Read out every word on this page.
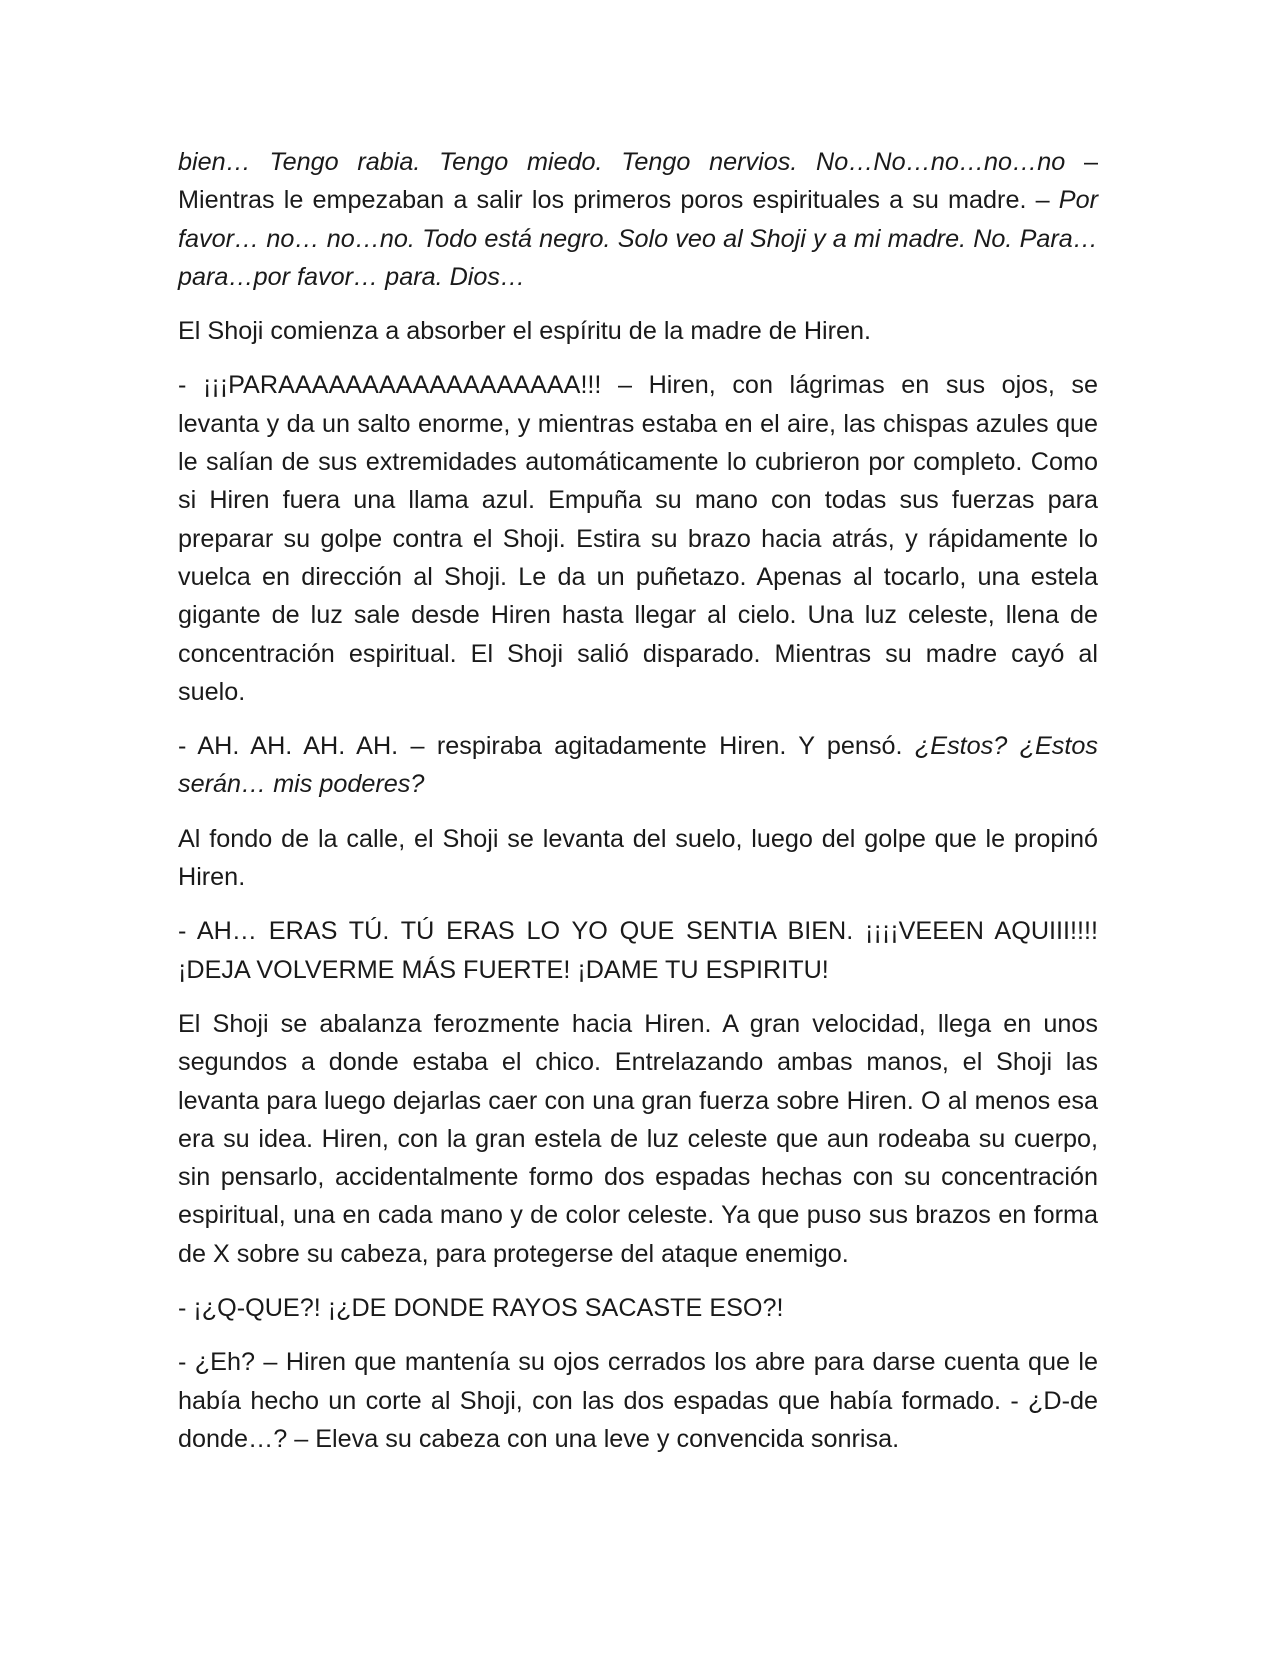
bien… Tengo rabia. Tengo miedo. Tengo nervios. No…No…no…no…no – Mientras le empezaban a salir los primeros poros espirituales a su madre. – Por favor… no… no…no. Todo está negro. Solo veo al Shoji y a mi madre. No. Para…para…por favor… para. Dios…

El Shoji comienza a absorber el espíritu de la madre de Hiren.

- ¡¡¡PARAAAAAAAAAAAAAAAAAA!!! – Hiren, con lágrimas en sus ojos, se levanta y da un salto enorme, y mientras estaba en el aire, las chispas azules que le salían de sus extremidades automáticamente lo cubrieron por completo. Como si Hiren fuera una llama azul. Empuña su mano con todas sus fuerzas para preparar su golpe contra el Shoji. Estira su brazo hacia atrás, y rápidamente lo vuelca en dirección al Shoji. Le da un puñetazo. Apenas al tocarlo, una estela gigante de luz sale desde Hiren hasta llegar al cielo. Una luz celeste, llena de concentración espiritual. El Shoji salió disparado. Mientras su madre cayó al suelo.

- AH. AH. AH. AH. – respiraba agitadamente Hiren. Y pensó. ¿Estos? ¿Estos serán… mis poderes?

Al fondo de la calle, el Shoji se levanta del suelo, luego del golpe que le propinó Hiren.

- AH… ERAS TÚ. TÚ ERAS LO YO QUE SENTIA BIEN. ¡¡¡¡VEEEN AQUIII!!!! ¡DEJA VOLVERME MÁS FUERTE! ¡DAME TU ESPIRITU!

El Shoji se abalanza ferozmente hacia Hiren. A gran velocidad, llega en unos segundos a donde estaba el chico. Entrelazando ambas manos, el Shoji las levanta para luego dejarlas caer con una gran fuerza sobre Hiren. O al menos esa era su idea. Hiren, con la gran estela de luz celeste que aun rodeaba su cuerpo, sin pensarlo, accidentalmente formo dos espadas hechas con su concentración espiritual, una en cada mano y de color celeste. Ya que puso sus brazos en forma de X sobre su cabeza, para protegerse del ataque enemigo.

- ¡¿Q-QUE?! ¡¿DE DONDE RAYOS SACASTE ESO?!

- ¿Eh? – Hiren que mantenía su ojos cerrados los abre para darse cuenta que le había hecho un corte al Shoji, con las dos espadas que había formado. - ¿D-de donde…? – Eleva su cabeza con una leve y convencida sonrisa.
